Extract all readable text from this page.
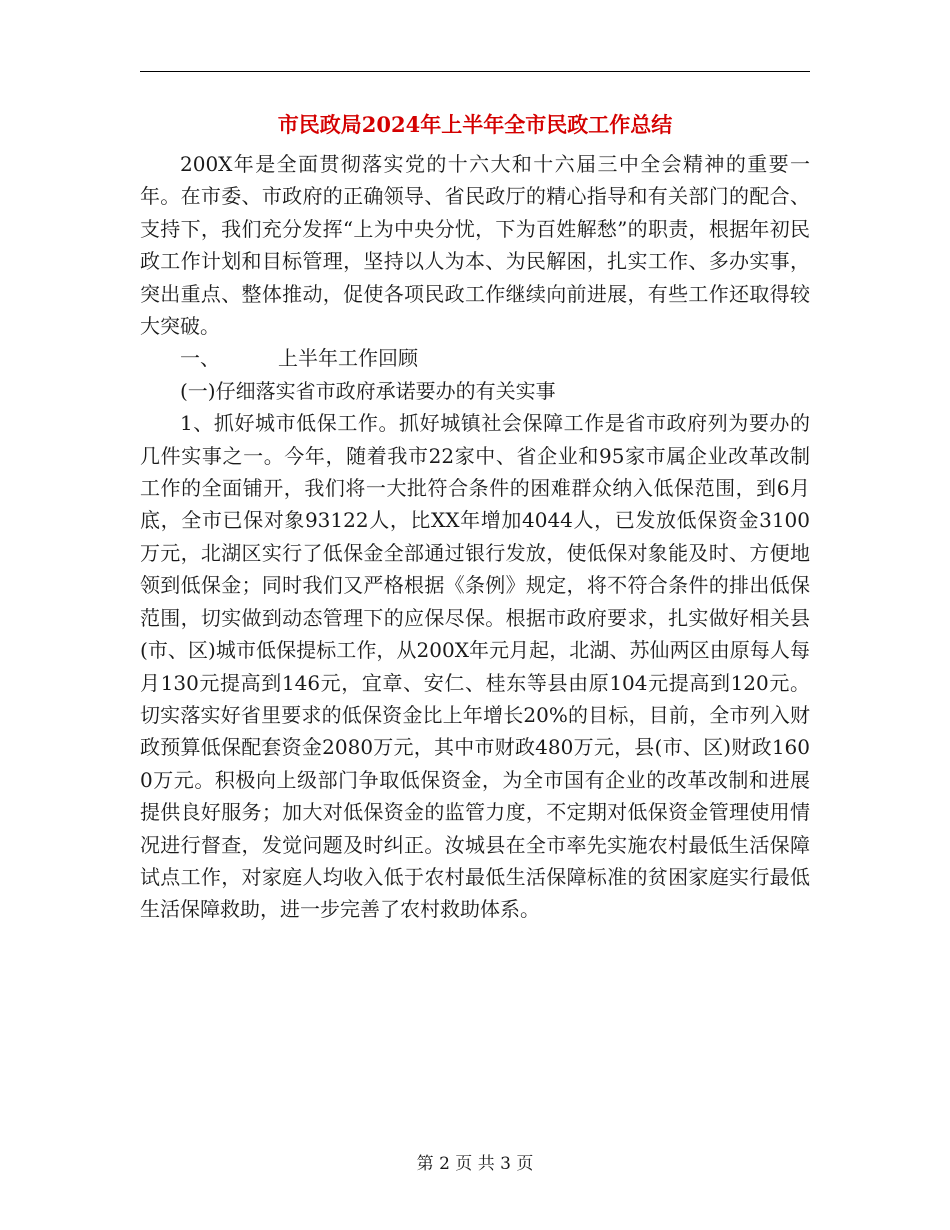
市民政局2024年上半年全市民政工作总结

200X年是全面贯彻落实党的十六大和十六届三中全会精神的重要一年。在市委、市政府的正确领导、省民政厅的精心指导和有关部门的配合、支持下，我们充分发挥“上为中央分忧，下为百姓解愁”的职责，根据年初民政工作计划和目标管理，坚持以人为本、为民解困，扎实工作、多办实事，突出重点、整体推动，促使各项民政工作继续向前进展，有些工作还取得较大突破。

一、	上半年工作回顾

(一)仔细落实省市政府承诺要办的有关实事

1、抓好城市低保工作。抓好城镇社会保障工作是省市政府列为要办的几件实事之一。今年，随着我市22家中、省企业和95家市属企业改革改制工作的全面铺开，我们将一大批符合条件的困难群众纳入低保范围，到6月底，全市已保对象93122人，比XX年增加4044人，已发放低保资金3100万元，北湖区实行了低保金全部通过银行发放，使低保对象能及时、方便地领到低保金；同时我们又严格根据《条例》规定，将不符合条件的排出低保范围，切实做到动态管理下的应保尽保。根据市政府要求，扎实做好相关县(市、区)城市低保提标工作，从200X年元月起，北湖、苏仙两区由原每人每月130元提高到146元，宜章、安仁、桂东等县由原104元提高到120元。切实落实好省里要求的低保资金比上年增长20%的目标，目前，全市列入财政预算低保配套资金2080万元，其中市财政480万元，县(市、区)财政1600万元。积极向上级部门争取低保资金，为全市国有企业的改革改制和进展提供良好服务；加大对低保资金的监管力度，不定期对低保资金管理使用情况进行督查，发觉问题及时纠正。汝城县在全市率先实施农村最低生活保障试点工作，对家庭人均收入低于农村最低生活保障标准的贫困家庭实行最低生活保障救助，进一步完善了农村救助体系。

第 2 页 共 3 页
